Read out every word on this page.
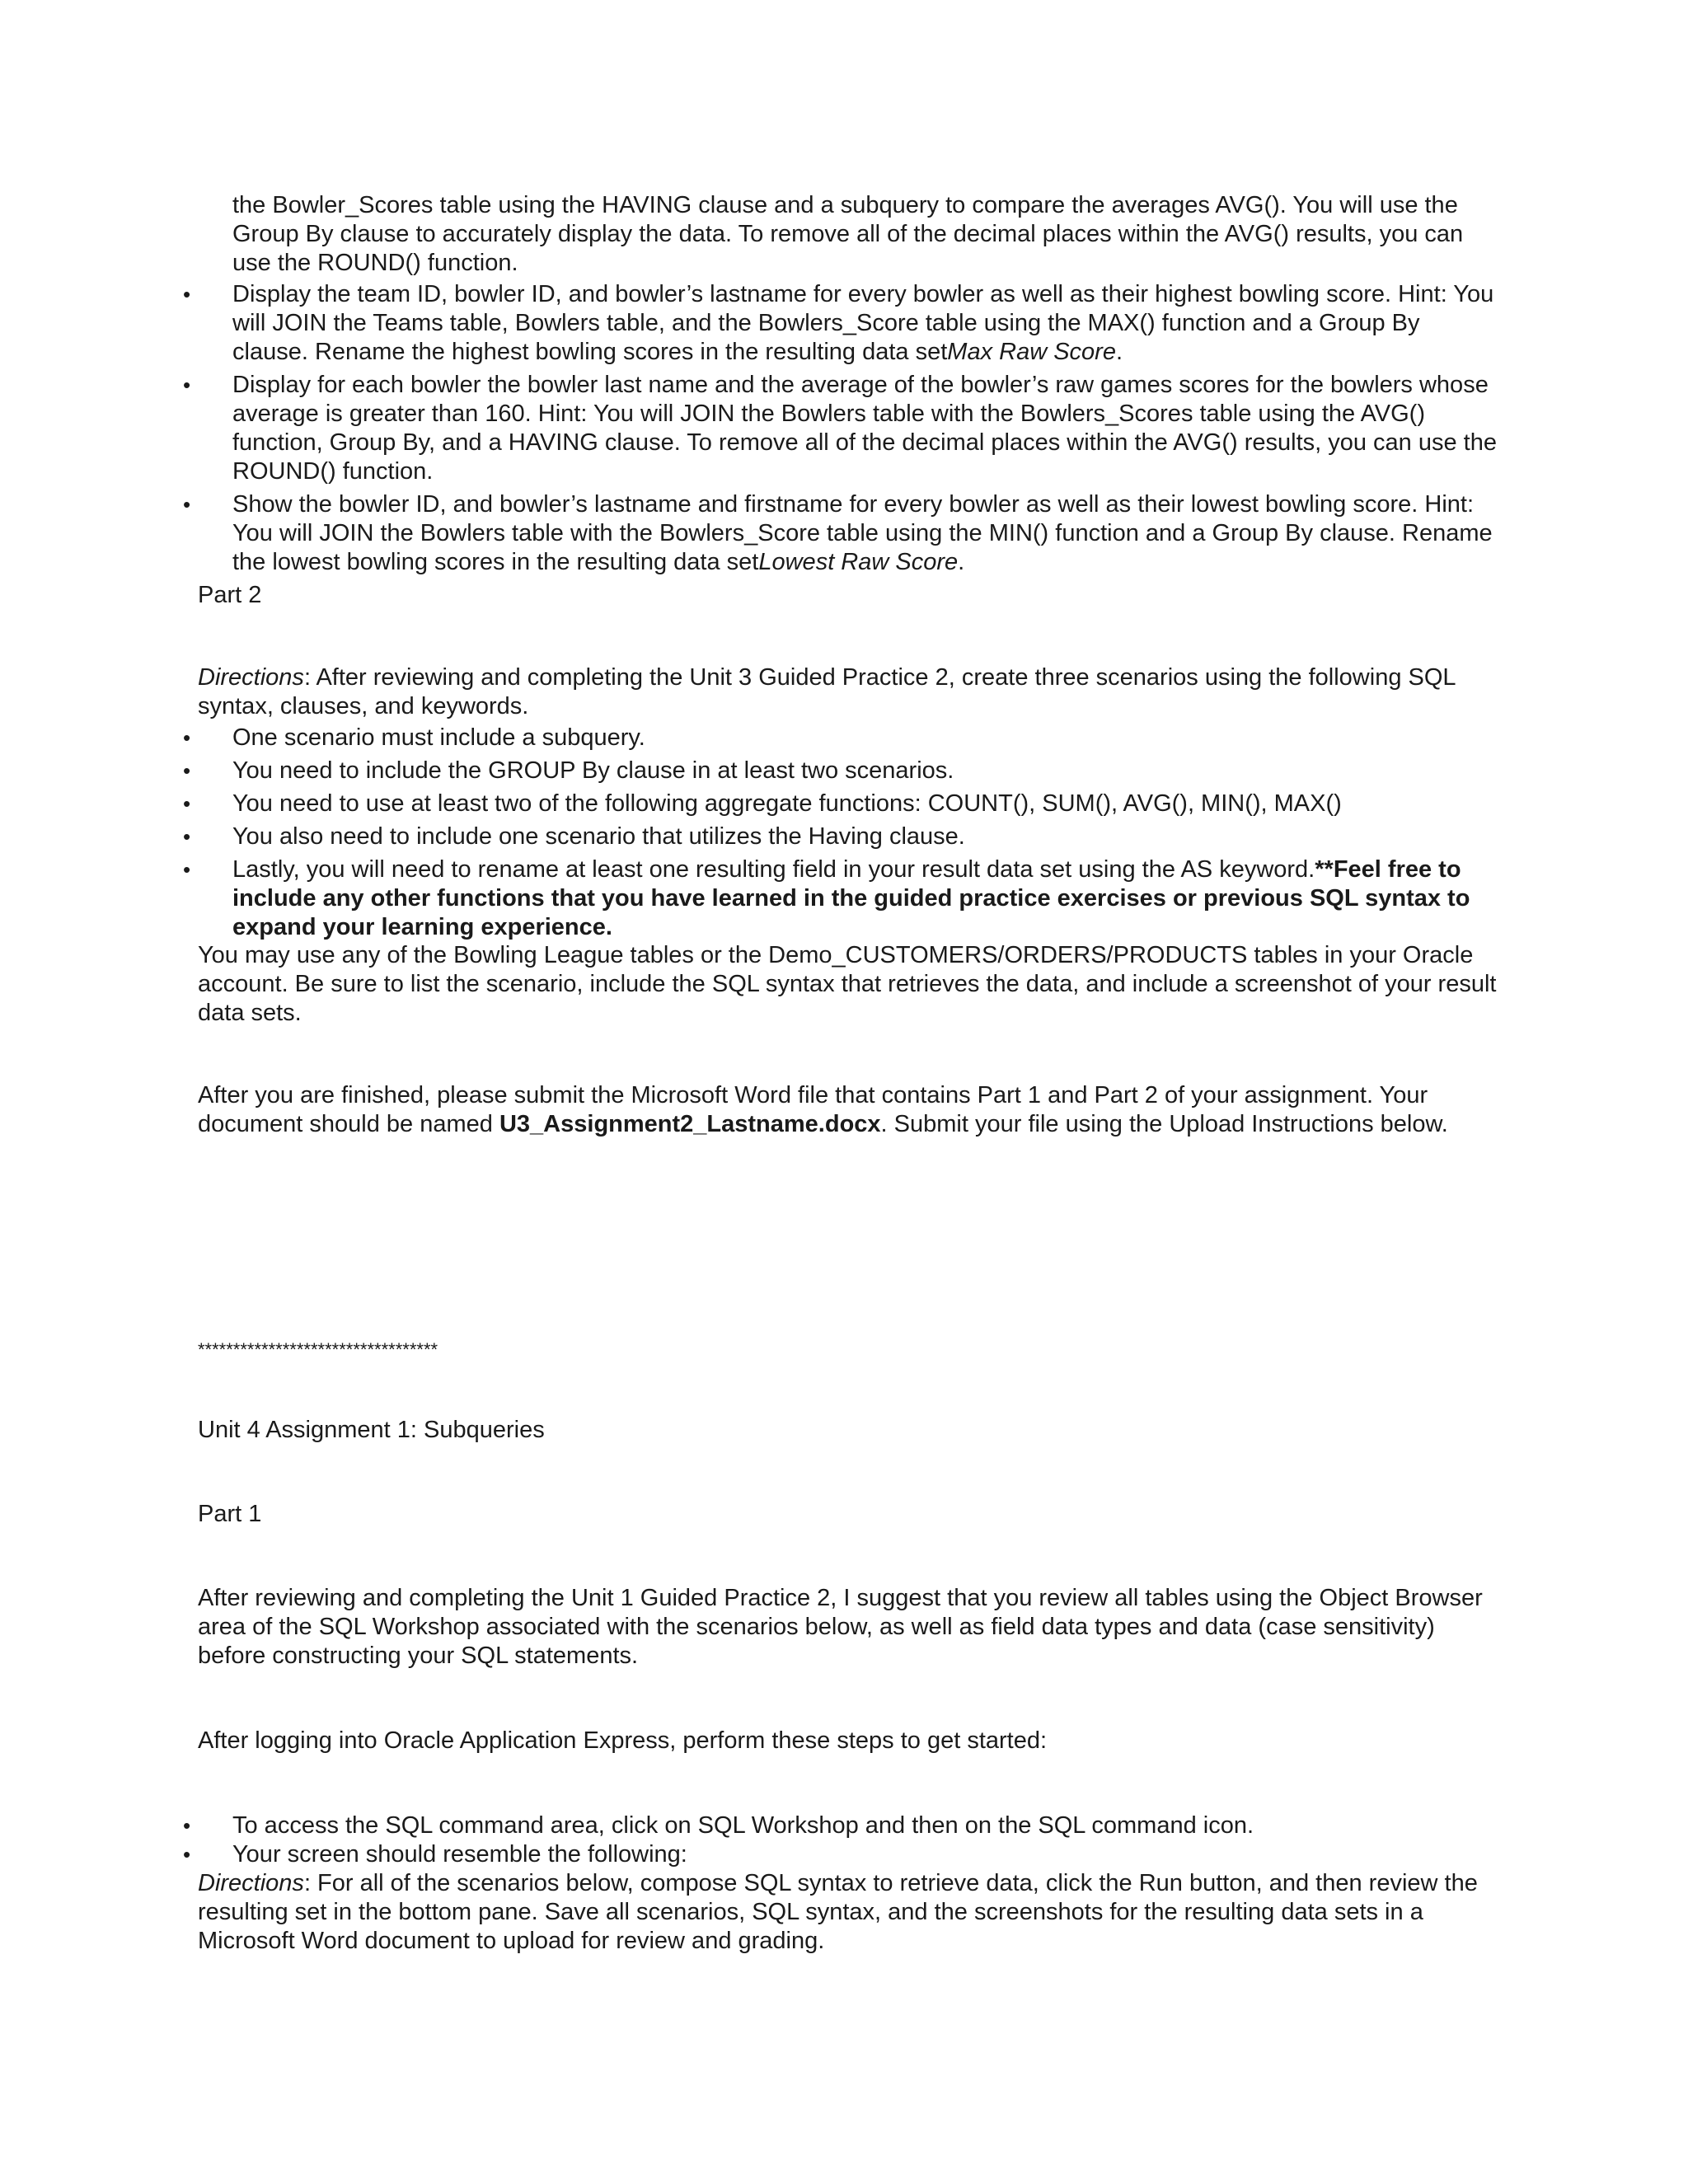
the Bowler_Scores table using the HAVING clause and a subquery to compare the averages AVG(). You will use the Group By clause to accurately display the data. To remove all of the decimal places within the AVG() results, you can use the ROUND() function.

•
Display the team ID, bowler ID, and bowler’s lastname for every bowler as well as their highest bowling score. Hint: You will JOIN the Teams table, Bowlers table, and the Bowlers_Score table using the MAX() function and a Group By clause. Rename the highest bowling scores in the resulting data setMax Raw Score.
•
Display for each bowler the bowler last name and the average of the bowler’s raw games scores for the bowlers whose average is greater than 160. Hint: You will JOIN the Bowlers table with the Bowlers_Scores table using the AVG() function, Group By, and a HAVING clause. To remove all of the decimal places within the AVG() results, you can use the ROUND() function.
•
Show the bowler ID, and bowler’s lastname and firstname for every bowler as well as their lowest bowling score. Hint: You will JOIN the Bowlers table with the Bowlers_Score table using the MIN() function and a Group By clause. Rename the lowest bowling scores in the resulting data setLowest Raw Score.

Part 2

Directions: After reviewing and completing the Unit 3 Guided Practice 2, create three scenarios using the following SQL syntax, clauses, and keywords.

•
One scenario must include a subquery.
•
You need to include the GROUP By clause in at least two scenarios.
•
You need to use at least two of the following aggregate functions: COUNT(), SUM(), AVG(), MIN(), MAX()
•
You also need to include one scenario that utilizes the Having clause.
•
Lastly, you will need to rename at least one resulting field in your result data set using the AS keyword.**Feel free to include any other functions that you have learned in the guided practice exercises or previous SQL syntax to expand your learning experience.

You may use any of the Bowling League tables or the Demo_CUSTOMERS/ORDERS/PRODUCTS tables in your Oracle account. Be sure to list the scenario, include the SQL syntax that retrieves the data, and include a screenshot of your result data sets.

After you are finished, please submit the Microsoft Word file that contains Part 1 and Part 2 of your assignment. Your document should be named U3_Assignment2_Lastname.docx. Submit your file using the Upload Instructions below.

**********************************

Unit 4 Assignment 1: Subqueries

Part 1

After reviewing and completing the Unit 1 Guided Practice 2, I suggest that you review all tables using the Object Browser area of the SQL Workshop associated with the scenarios below, as well as field data types and data (case sensitivity) before constructing your SQL statements.

After logging into Oracle Application Express, perform these steps to get started:

•
To access the SQL command area, click on SQL Workshop and then on the SQL command icon.
•
Your screen should resemble the following:

Directions: For all of the scenarios below, compose SQL syntax to retrieve data, click the Run button, and then review the resulting set in the bottom pane. Save all scenarios, SQL syntax, and the screenshots for the resulting data sets in a Microsoft Word document to upload for review and grading.
